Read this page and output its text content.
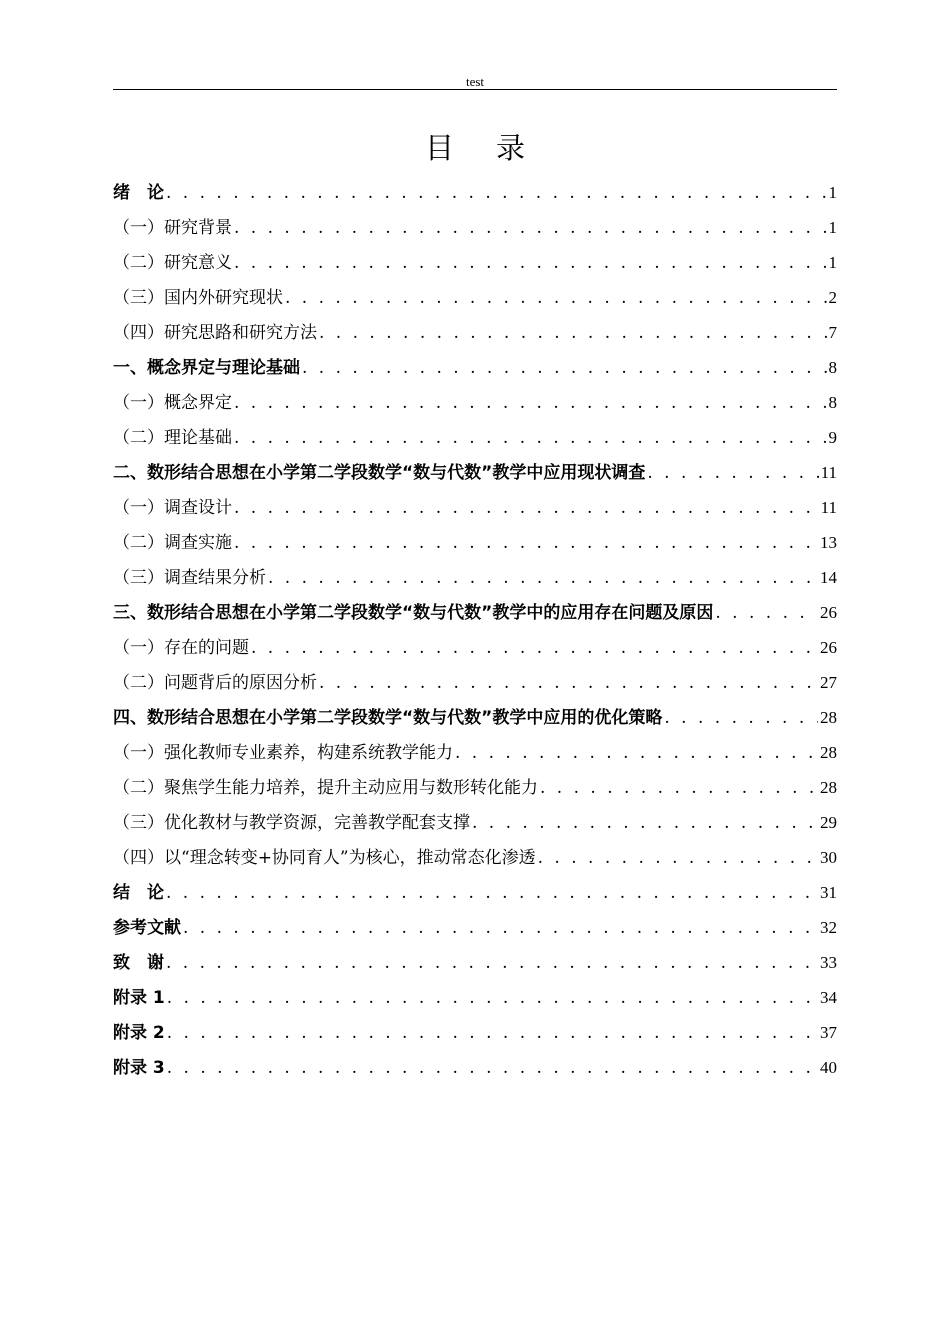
test
目录
绪　论 . . .	1
（一）研究背景 . . .	1
（二）研究意义 . . .	1
（三）国内外研究现状 . . .	2
（四）研究思路和研究方法 . . .	7
一、概念界定与理论基础 . . .	8
（一）概念界定 . . .	8
（二）理论基础 . . .	9
二、数形结合思想在小学第二学段数学“数与代数”教学中应用现状调查 . . .	11
（一）调查设计 . . .	11
（二）调查实施 . . .	13
（三）调查结果分析 . . .	14
三、数形结合思想在小学第二学段数学“数与代数”教学中的应用存在问题及原因 . . .	26
（一）存在的问题 . . .	26
（二）问题背后的原因分析 . . .	27
四、数形结合思想在小学第二学段数学“数与代数”教学中应用的优化策略 . . .	28
（一）强化教师专业素养，构建系统教学能力 . . .	28
（二）聚焦学生能力培养，提升主动应用与数形转化能力 . . .	28
（三）优化教材与教学资源，完善教学配套支撑 . . .	29
（四）以“理念转变+协同育人”为核心，推动常态化渗透 . . .	30
结　论 . . .	31
参考文献 . . .	32
致　谢 . . .	33
附录 1 . . .	34
附录 2 . . .	37
附录 3 . . .	40
